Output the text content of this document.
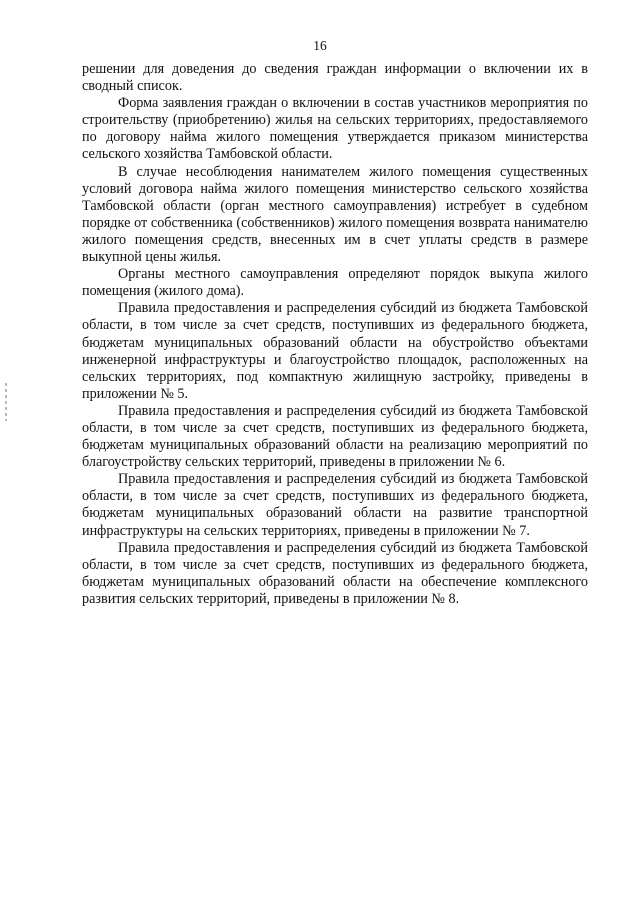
16

решении для доведения до сведения граждан информации о включении их в сводный список.

Форма заявления граждан о включении в состав участников мероприятия по строительству (приобретению) жилья на сельских территориях, предоставляемого по договору найма жилого помещения утверждается приказом министерства сельского хозяйства Тамбовской области.

В случае несоблюдения нанимателем жилого помещения существенных условий договора найма жилого помещения министерство сельского хозяйства Тамбовской области (орган местного самоуправления) истребует в судебном порядке от собственника (собственников) жилого помещения возврата нанимателю жилого помещения средств, внесенных им в счет уплаты средств в размере выкупной цены жилья.

Органы местного самоуправления определяют порядок выкупа жилого помещения (жилого дома).

Правила предоставления и распределения субсидий из бюджета Тамбовской области, в том числе за счет средств, поступивших из федерального бюджета, бюджетам муниципальных образований области на обустройство объектами инженерной инфраструктуры и благоустройство площадок, расположенных на сельских территориях, под компактную жилищную застройку, приведены в приложении № 5.

Правила предоставления и распределения субсидий из бюджета Тамбовской области, в том числе за счет средств, поступивших из федерального бюджета, бюджетам муниципальных образований области на реализацию мероприятий по благоустройству сельских территорий, приведены в приложении № 6.

Правила предоставления и распределения субсидий из бюджета Тамбовской области, в том числе за счет средств, поступивших из федерального бюджета, бюджетам муниципальных образований области на развитие транспортной инфраструктуры на сельских территориях, приведены в приложении № 7.

Правила предоставления и распределения субсидий из бюджета Тамбовской области, в том числе за счет средств, поступивших из федерального бюджета, бюджетам муниципальных образований области на обеспечение комплексного развития сельских территорий, приведены в приложении № 8.
